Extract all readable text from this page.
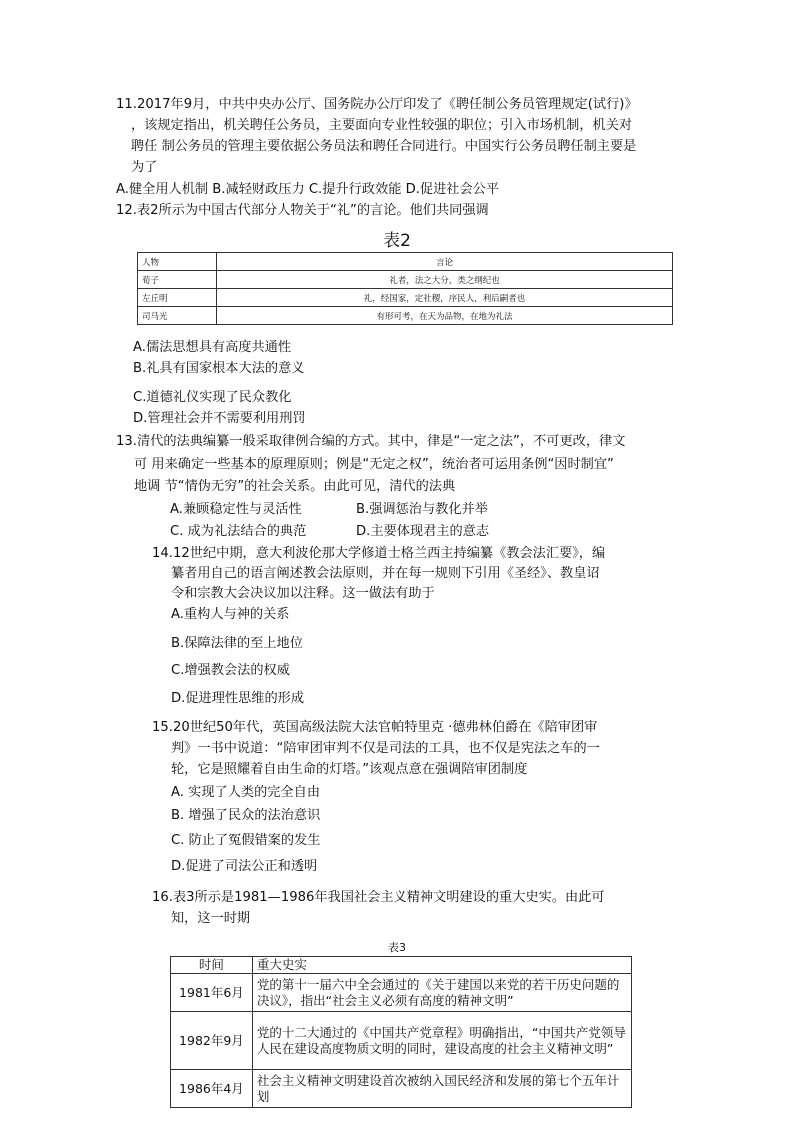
11.2017年9月，中共中央办公厅、国务院办公厅印发了《聘任制公务员管理规定(试行)》
，该规定指出，机关聘任公务员，主要面向专业性较强的职位；引入市场机制，机关对
聘任 制公务员的管理主要依据公务员法和聘任合同进行。中国实行公务员聘任制主要是
为了
A.健全用人机制 B.减轻财政压力 C.提升行政效能 D.促进社会公平
12.表2所示为中国古代部分人物关于“礼”的言论。他们共同强调
表2
人物	言论
荀子	礼者，法之大分，类之纲纪也
左丘明	礼，经国家，定社稷，序民人，利后嗣者也
司马光	有形可考，在天为品物，在地为礼法
A.儒法思想具有高度共通性
B.礼具有国家根本大法的意义
C.道德礼仪实现了民众教化
D.管理社会并不需要利用刑罚
13.清代的法典编纂一般采取律例合编的方式。其中，律是“一定之法”，不可更改，律文
可 用来确定一些基本的原理原则；例是“无定之权”，统治者可运用条例“因时制宜”
地调 节“情伪无穷”的社会关系。由此可见，清代的法典
A.兼顾稳定性与灵活性	B.强调惩治与教化并举
C. 成为礼法结合的典范	D.主要体现君主的意志
14.12世纪中期，意大利波伦那大学修道士格兰西主持编纂《教会法汇要》，编
纂者用自己的语言阐述教会法原则，并在每一规则下引用《圣经》、教皇诏
令和宗教大会决议加以注释。这一做法有助于
A.重构人与神的关系
B.保障法律的至上地位
C.增强教会法的权威
D.促进理性思维的形成
15.20世纪50年代，英国高级法院大法官帕特里克 ·德弗林伯爵在《陪审团审
判》一书中说道：“陪审团审判不仅是司法的工具，也不仅是宪法之车的一
轮，它是照耀着自由生命的灯塔。”该观点意在强调陪审团制度
A. 实现了人类的完全自由
B. 增强了民众的法治意识
C. 防止了冤假错案的发生
D.促进了司法公正和透明
16.表3所示是1981—1986年我国社会主义精神文明建设的重大史实。由此可
知，这一时期
表3
时间	重大史实
1981年6月	党的第十一届六中全会通过的《关于建国以来党的若干历史问题的决议》，指出“社会主义必须有高度的精神文明”
1982年9月	党的十二大通过的《中国共产党章程》明确指出，“中国共产党领导人民在建设高度物质文明的同时，建设高度的社会主义精神文明”
1986年4月	社会主义精神文明建设首次被纳入国民经济和发展的第七个五年计划
